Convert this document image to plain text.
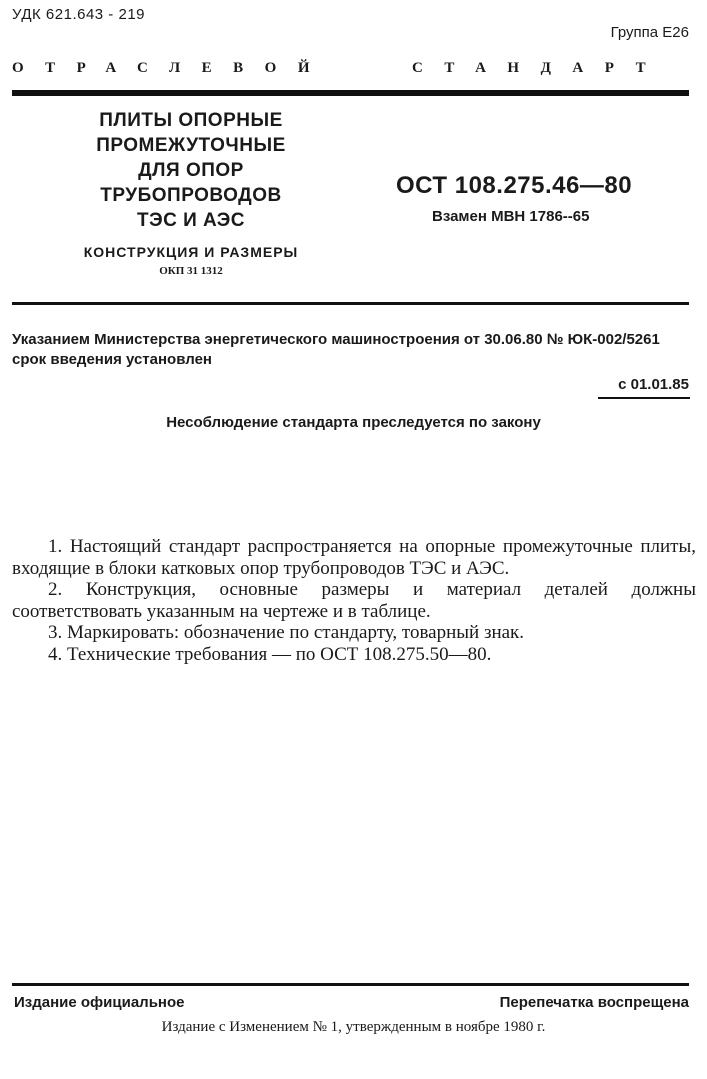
УДК 621.643 - 219
Группа Е26
ОТРАСЛЕВОЙ	СТАНДАРТ
ПЛИТЫ ОПОРНЫЕ
ПРОМЕЖУТОЧНЫЕ
ДЛЯ ОПОР
ТРУБОПРОВОДОВ
ТЭС И АЭС
КОНСТРУКЦИЯ И РАЗМЕРЫ
ОКП 31 1312
ОСТ 108.275.46—80
Взамен МВН 1786--65
Указанием Министерства энергетического машиностроения от 30.06.80 № ЮК-002/5261 срок введения установлен
с 01.01.85
Несоблюдение стандарта преследуется по закону

1. Настоящий стандарт распространяется на опорные промежуточные плиты, входящие в блоки катковых опор трубопроводов ТЭС и АЭС.

2. Конструкция, основные размеры и материал деталей должны соответствовать указанным на чертеже и в таблице.

3. Маркировать: обозначение по стандарту, товарный знак.

4. Технические требования — по ОСТ 108.275.50—80.

Издание официальное	Перепечатка воспрещена
Издание с Изменением № 1, утвержденным в ноябре 1980 г.
